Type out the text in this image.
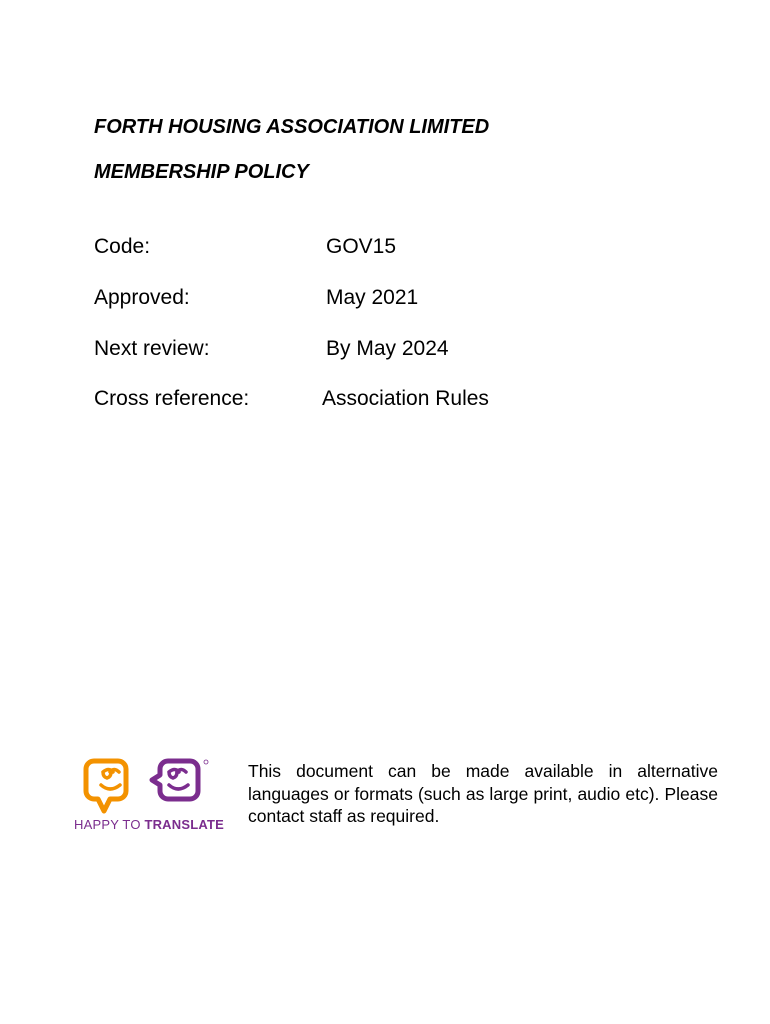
FORTH HOUSING ASSOCIATION LIMITED
MEMBERSHIP POLICY
Code:	GOV15
Approved:	May 2021
Next review:	By May 2024
Cross reference:	Association Rules
HAPPY TO TRANSLATE
This document can be made available in alternative languages or formats (such as large print, audio etc). Please contact staff as required.
